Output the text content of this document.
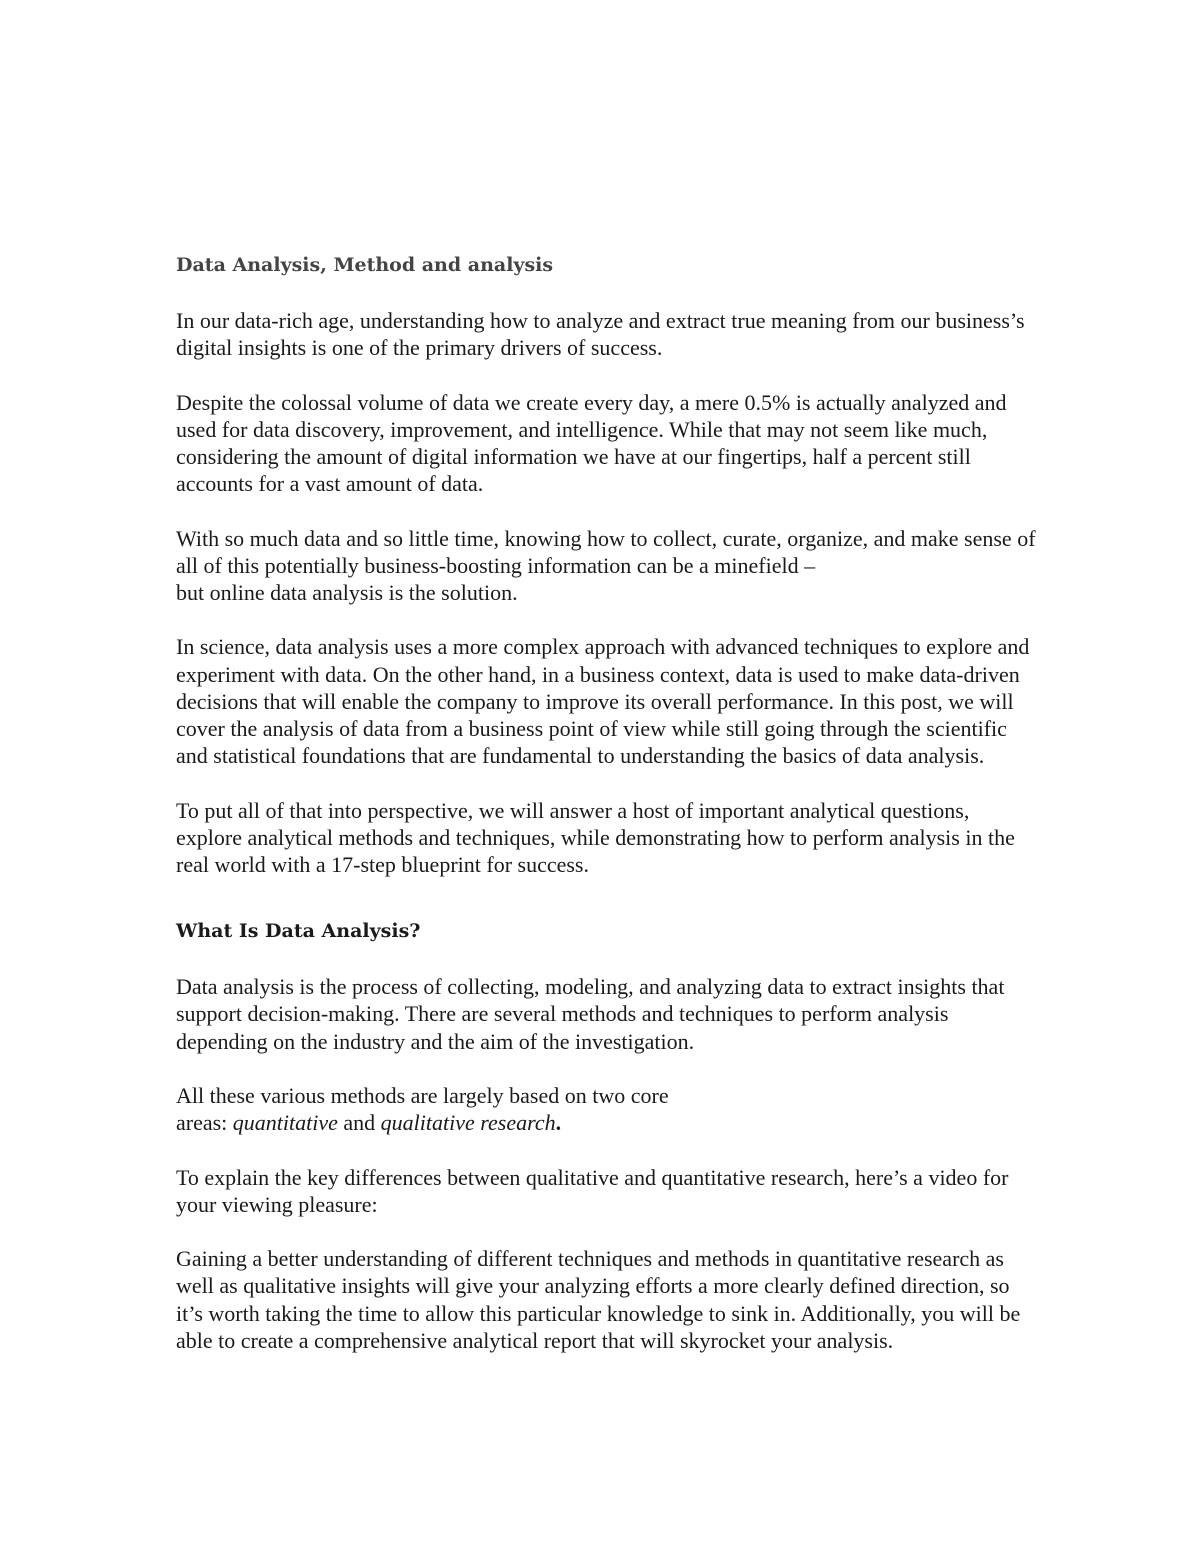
Data Analysis, Method and analysis

In our data-rich age, understanding how to analyze and extract true meaning from our business’s digital insights is one of the primary drivers of success.

Despite the colossal volume of data we create every day, a mere 0.5% is actually analyzed and used for data discovery, improvement, and intelligence. While that may not seem like much, considering the amount of digital information we have at our fingertips, half a percent still accounts for a vast amount of data.

With so much data and so little time, knowing how to collect, curate, organize, and make sense of all of this potentially business-boosting information can be a minefield –
but online data analysis is the solution.

In science, data analysis uses a more complex approach with advanced techniques to explore and experiment with data. On the other hand, in a business context, data is used to make data-driven decisions that will enable the company to improve its overall performance. In this post, we will cover the analysis of data from a business point of view while still going through the scientific and statistical foundations that are fundamental to understanding the basics of data analysis.

To put all of that into perspective, we will answer a host of important analytical questions, explore analytical methods and techniques, while demonstrating how to perform analysis in the real world with a 17-step blueprint for success.

What Is Data Analysis?

Data analysis is the process of collecting, modeling, and analyzing data to extract insights that support decision-making. There are several methods and techniques to perform analysis depending on the industry and the aim of the investigation.

All these various methods are largely based on two core
areas: quantitative and qualitative research.

To explain the key differences between qualitative and quantitative research, here’s a video for your viewing pleasure:

Gaining a better understanding of different techniques and methods in quantitative research as well as qualitative insights will give your analyzing efforts a more clearly defined direction, so it’s worth taking the time to allow this particular knowledge to sink in. Additionally, you will be able to create a comprehensive analytical report that will skyrocket your analysis.
